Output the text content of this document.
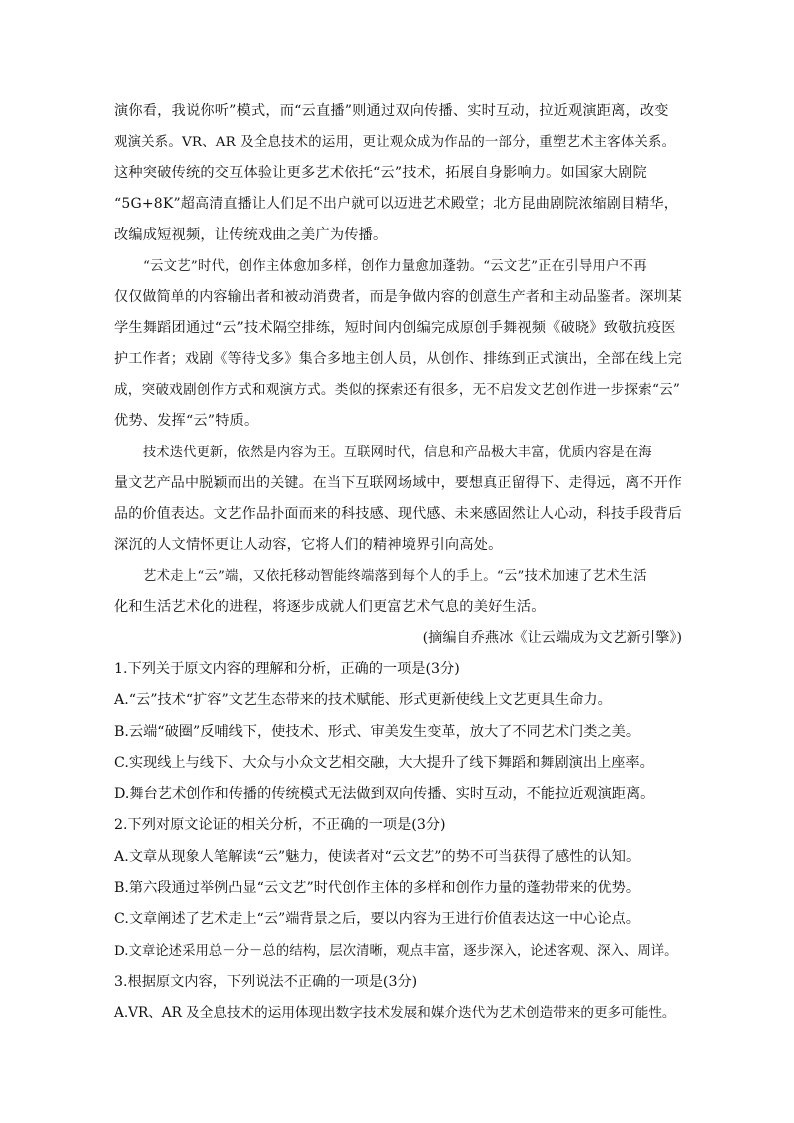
演你看，我说你听”模式，而“云直播”则通过双向传播、实时互动，拉近观演距离，改变
观演关系。VR、AR 及全息技术的运用，更让观众成为作品的一部分，重塑艺术主客体关系。
这种突破传统的交互体验让更多艺术依托“云”技术，拓展自身影响力。如国家大剧院
“5G+8K”超高清直播让人们足不出户就可以迈进艺术殿堂；北方昆曲剧院浓缩剧目精华，
改编成短视频，让传统戏曲之美广为传播。

“云文艺”时代，创作主体愈加多样，创作力量愈加蓬勃。“云文艺”正在引导用户不再
仅仅做简单的内容输出者和被动消费者，而是争做内容的创意生产者和主动品鉴者。深圳某
学生舞蹈团通过“云”技术隔空排练，短时间内创编完成原创手舞视频《破晓》致敬抗疫医
护工作者；戏剧《等待戈多》集合多地主创人员，从创作、排练到正式演出，全部在线上完
成，突破戏剧创作方式和观演方式。类似的探索还有很多，无不启发文艺创作进一步探索“云”
优势、发挥“云”特质。

技术迭代更新，依然是内容为王。互联网时代，信息和产品极大丰富，优质内容是在海
量文艺产品中脱颖而出的关键。在当下互联网场域中，要想真正留得下、走得远，离不开作
品的价值表达。文艺作品扑面而来的科技感、现代感、未来感固然让人心动，科技手段背后
深沉的人文情怀更让人动容，它将人们的精神境界引向高处。

艺术走上“云”端，又依托移动智能终端落到每个人的手上。“云”技术加速了艺术生活
化和生活艺术化的进程，将逐步成就人们更富艺术气息的美好生活。

(摘编自乔燕冰《让云端成为文艺新引擎》)

1.下列关于原文内容的理解和分析，正确的一项是(3分)

A.“云”技术“扩容”文艺生态带来的技术赋能、形式更新使线上文艺更具生命力。

B.云端“破圈”反哺线下，使技术、形式、审美发生变革，放大了不同艺术门类之美。

C.实现线上与线下、大众与小众文艺相交融，大大提升了线下舞蹈和舞剧演出上座率。

D.舞台艺术创作和传播的传统模式无法做到双向传播、实时互动，不能拉近观演距离。

2.下列对原文论证的相关分析，不正确的一项是(3分)

A.文章从现象人笔解读“云”魅力，使读者对“云文艺”的势不可当获得了感性的认知。

B.第六段通过举例凸显“云文艺”时代创作主体的多样和创作力量的蓬勃带来的优势。

C.文章阐述了艺术走上“云”端背景之后，要以内容为王进行价值表达这一中心论点。

D.文章论述采用总－分－总的结构，层次清晰，观点丰富，逐步深入，论述客观、深入、周详。

3.根据原文内容，下列说法不正确的一项是(3分)

A.VR、AR 及全息技术的运用体现出数字技术发展和媒介迭代为艺术创造带来的更多可能性。
